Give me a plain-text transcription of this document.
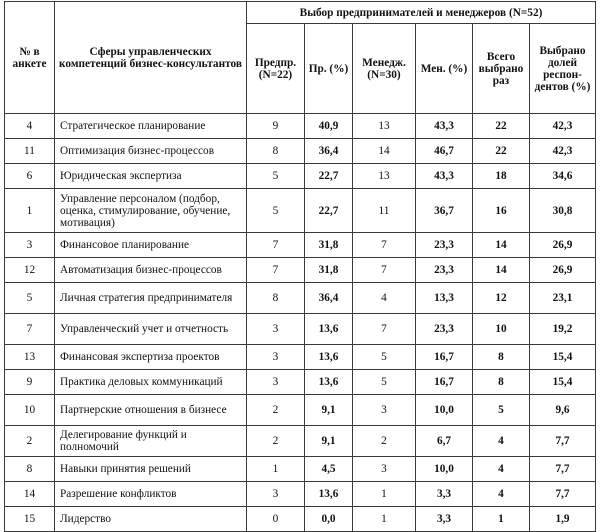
№ в анкете	Сферы управленческих компетенций бизнес-консультантов	Выбор предпринимателей и менеджеров (N=52)					
		Предпр. (N=22)	Пр. (%)	Менедж. (N=30)	Мен. (%)	Всего выбрано раз	Выбрано долей респон-дентов (%)
4	Стратегическое планирование	9	40,9	13	43,3	22	42,3
11	Оптимизация бизнес-процессов	8	36,4	14	46,7	22	42,3
6	Юридическая экспертиза	5	22,7	13	43,3	18	34,6
1	Управление персоналом (подбор, оценка, стимулирование, обучение, мотивация)	5	22,7	11	36,7	16	30,8
3	Финансовое планирование	7	31,8	7	23,3	14	26,9
12	Автоматизация бизнес-процессов	7	31,8	7	23,3	14	26,9
5	Личная стратегия предпринимателя	8	36,4	4	13,3	12	23,1
7	Управленческий учет и отчетность	3	13,6	7	23,3	10	19,2
13	Финансовая экспертиза проектов	3	13,6	5	16,7	8	15,4
9	Практика деловых коммуникаций	3	13,6	5	16,7	8	15,4
10	Партнерские отношения в бизнесе	2	9,1	3	10,0	5	9,6
2	Делегирование функций и полномочий	2	9,1	2	6,7	4	7,7
8	Навыки принятия решений	1	4,5	3	10,0	4	7,7
14	Разрешение конфликтов	3	13,6	1	3,3	4	7,7
15	Лидерство	0	0,0	1	3,3	1	1,9
